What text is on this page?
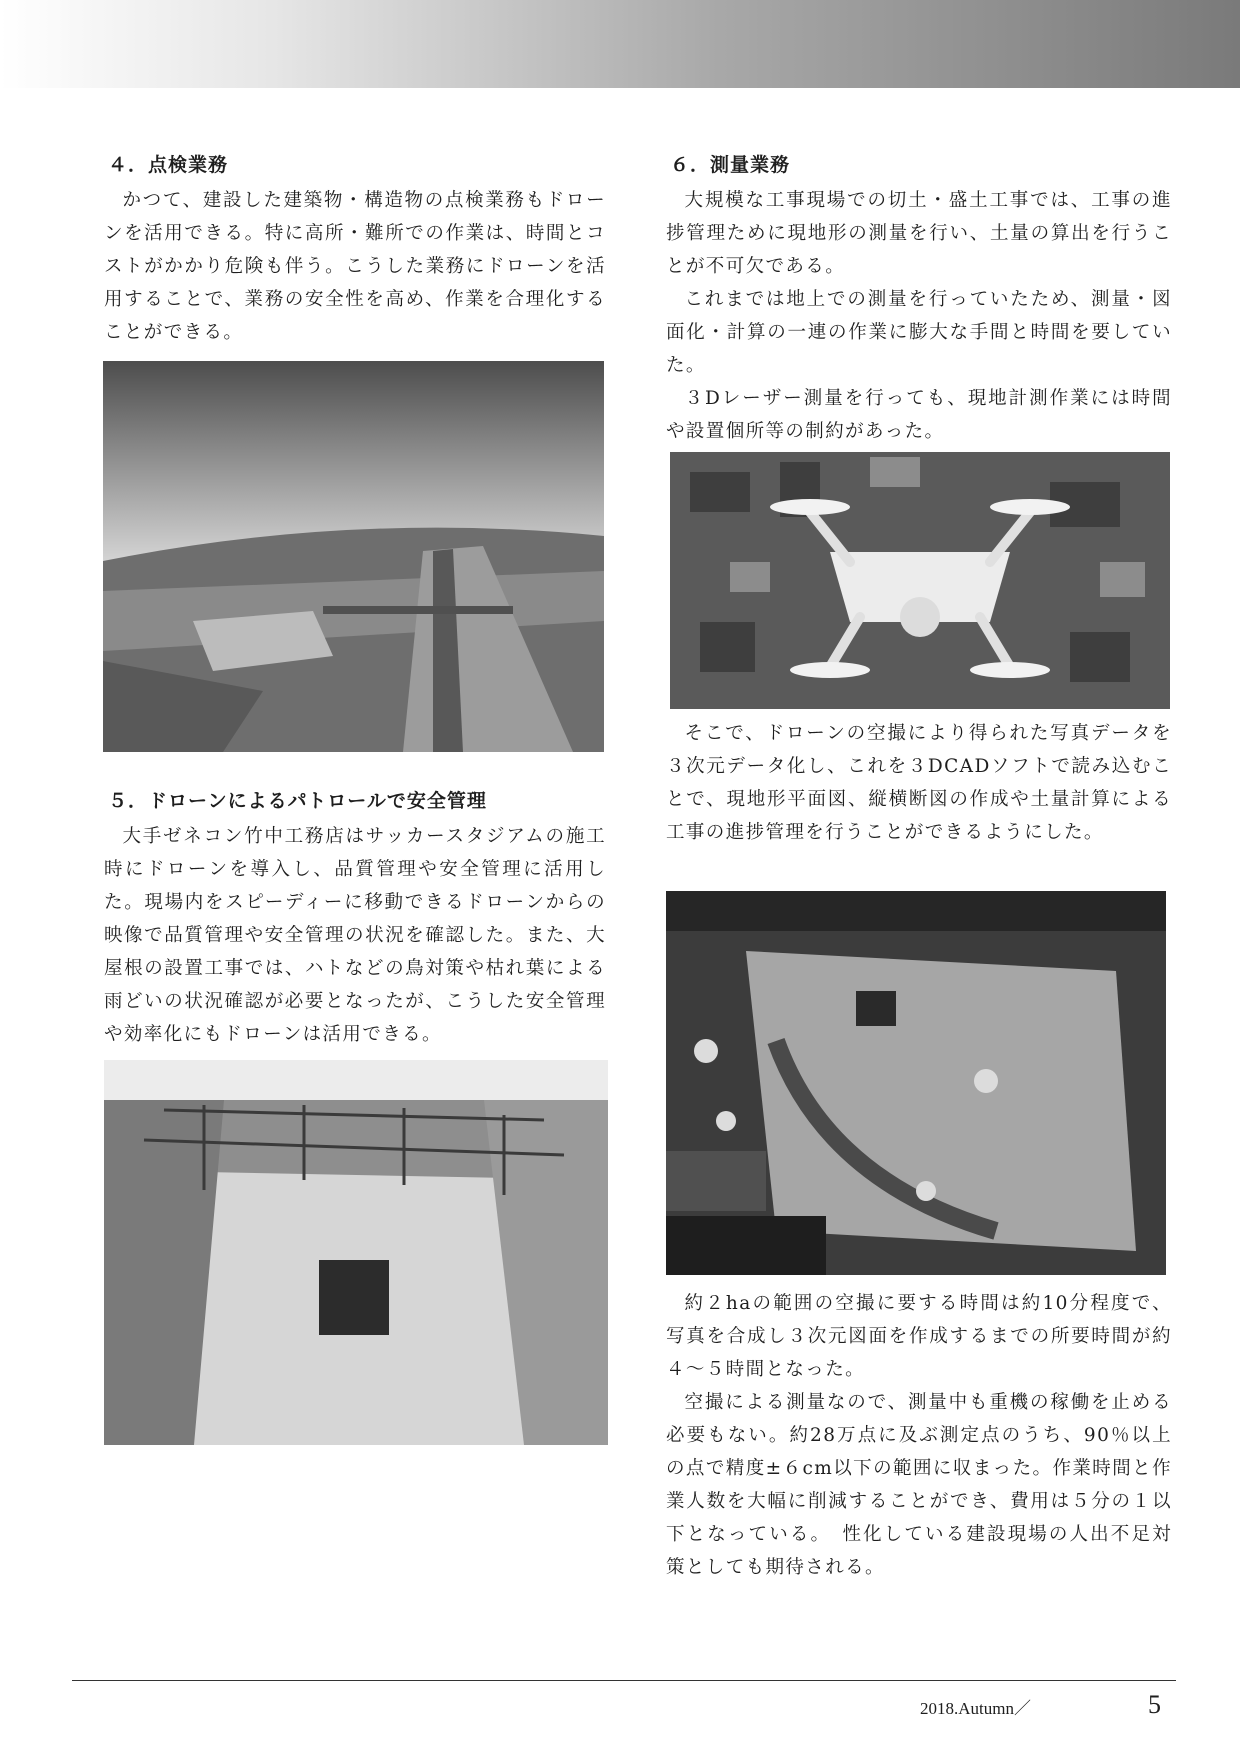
４．点検業務

かつて、建設した建築物・構造物の点検業務もドローンを活用できる。特に高所・難所での作業は、時間とコストがかかり危険も伴う。こうした業務にドローンを活用することで、業務の安全性を高め、作業を合理化することができる。

５．ドローンによるパトロールで安全管理

大手ゼネコン竹中工務店はサッカースタジアムの施工時にドローンを導入し、品質管理や安全管理に活用した。現場内をスピーディーに移動できるドローンからの映像で品質管理や安全管理の状況を確認した。また、大屋根の設置工事では、ハトなどの鳥対策や枯れ葉による雨どいの状況確認が必要となったが、こうした安全管理や効率化にもドローンは活用できる。

６．測量業務

大規模な工事現場での切土・盛土工事では、工事の進捗管理ために現地形の測量を行い、土量の算出を行うことが不可欠である。

これまでは地上での測量を行っていたため、測量・図面化・計算の一連の作業に膨大な手間と時間を要していた。

３Dレーザー測量を行っても、現地計測作業には時間や設置個所等の制約があった。

そこで、ドローンの空撮により得られた写真データを３次元データ化し、これを３DCADソフトで読み込むことで、現地形平面図、縦横断図の作成や土量計算による工事の進捗管理を行うことができるようにした。

約２haの範囲の空撮に要する時間は約10分程度で、写真を合成し３次元図面を作成するまでの所要時間が約４～５時間となった。

空撮による測量なので、測量中も重機の稼働を止める必要もない。約28万点に及ぶ測定点のうち、90％以上の点で精度±６cm以下の範囲に収まった。作業時間と作業人数を大幅に削減することができ、費用は５分の１以下となっている。　性化している建設現場の人出不足対策としても期待される。

2018.Autumn／	5
